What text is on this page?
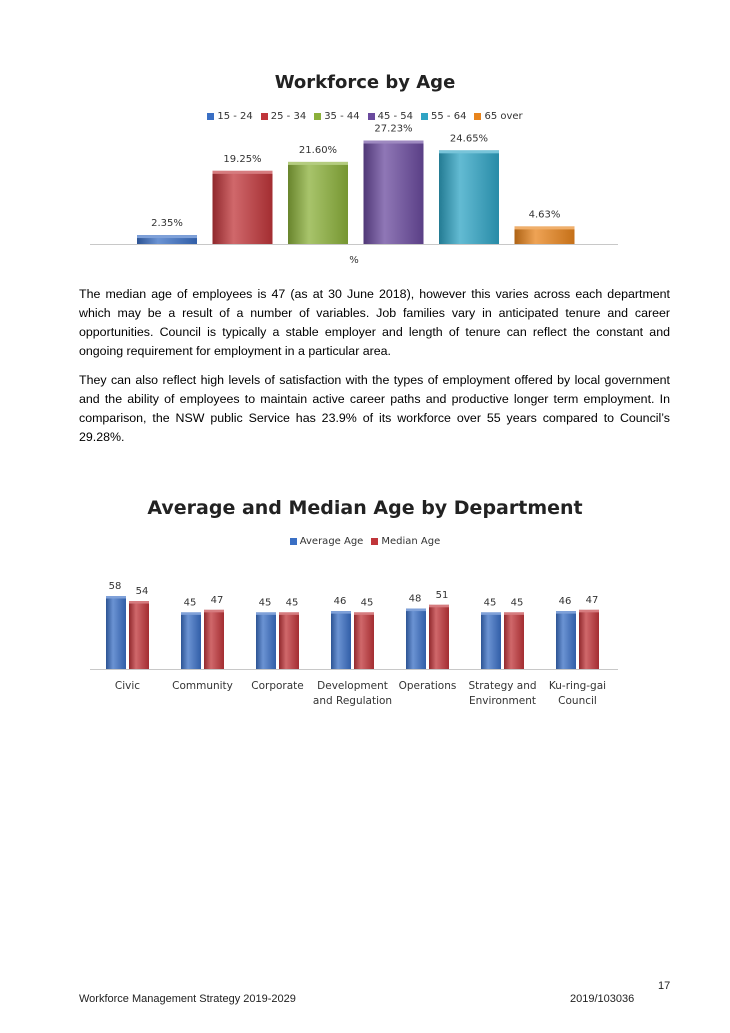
Workforce by Age
15 - 24 25 - 34 35 - 44 45 - 54 55 - 64 65 over
2.35%
19.25%
21.60%
27.23%
24.65%
4.63%
%

The median age of employees is 47 (as at 30 June 2018), however this varies across each department which may be a result of a number of variables. Job families vary in anticipated tenure and career opportunities. Council is typically a stable employer and length of tenure can reflect the constant and ongoing requirement for employment in a particular area.

They can also reflect high levels of satisfaction with the types of employment offered by local government and the ability of employees to maintain active career paths and productive longer term employment. In comparison, the NSW public Service has 23.9% of its workforce over 55 years compared to Council’s 29.28%.

Average and Median Age by Department
Average Age Median Age
58 54
Civic
45 47
Community
45 45
Corporate
46 45
Development
and Regulation
48 51
Operations
45 45
Strategy and
Environment
46 47
Ku-ring-gai
Council
17
Workforce Management Strategy 2019-2029	2019/103036
